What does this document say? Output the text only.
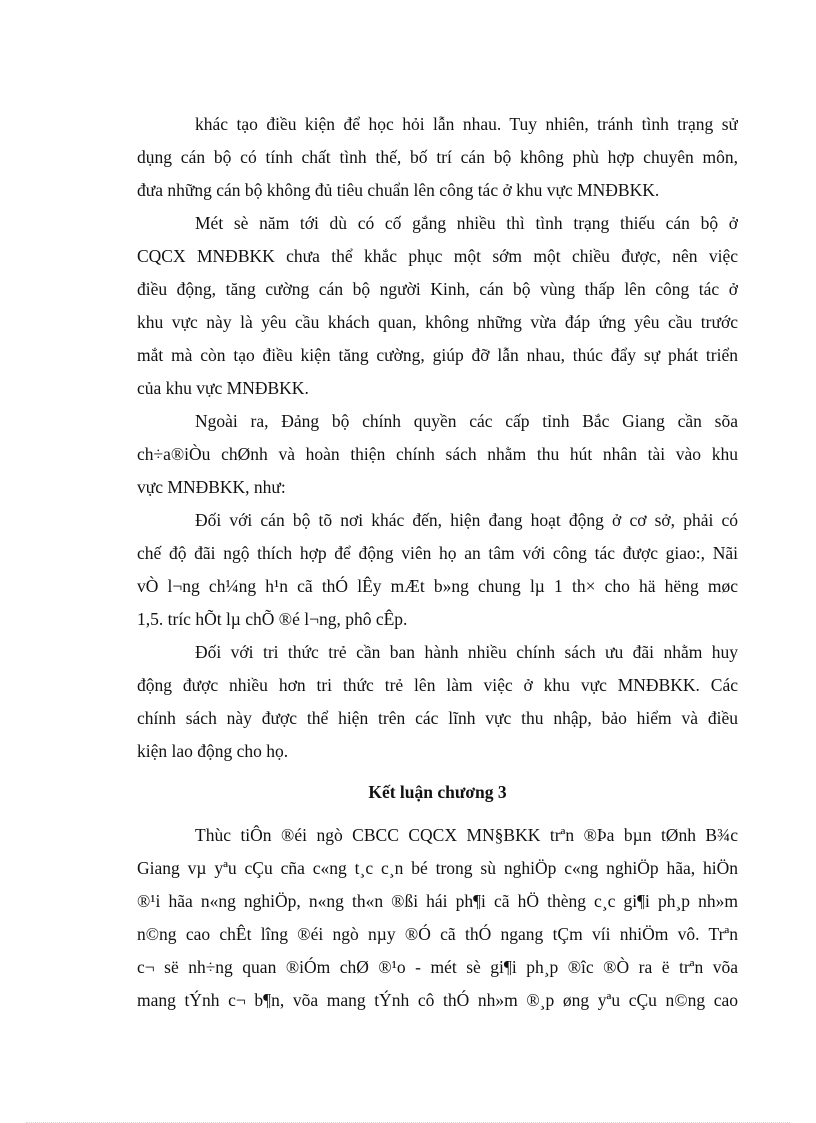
khác tạo điều kiện để học hỏi lẫn nhau. Tuy nhiên, tránh tình trạng sử
dụng cán bộ có tính chất tình thế, bố trí cán bộ không phù hợp chuyên môn,
đưa những cán bộ không đủ tiêu chuẩn lên công tác ở khu vực MNĐBKK.
Mét sè năm tới dù có cố gắng nhiều thì tình trạng thiếu cán bộ ở
CQCX MNĐBKK chưa thể khắc phục một sớm một chiều được, nên việc
điều động, tăng cường cán bộ người Kinh, cán bộ vùng thấp lên công tác ở
khu vực này là yêu cầu khách quan, không những vừa đáp ứng yêu cầu trước
mắt mà còn tạo điều kiện tăng cường, giúp đỡ lẫn nhau, thúc đẩy sự phát triển
của khu vực MNĐBKK.
Ngoài ra, Đảng bộ chính quyền các cấp tỉnh Bắc Giang cần sõa
ch÷a®iÒu chØnh và hoàn thiện chính sách nhằm thu hút nhân tài vào khu
vực MNĐBKK, như:
Đối với cán bộ tõ nơi khác đến, hiện đang hoạt động ở cơ sở, phải có
chế độ đãi ngộ thích hợp để động viên họ an tâm với công tác được giao:, Nãi
vÒ l¬ng ch¼ng h¹n cã thÓ lÊy mÆt b»ng chung lµ 1 th× cho hä hëng møc
1,5. tríc hÕt lµ chÕ ®é l¬ng, phô cÊp.
Đối với tri thức trẻ cần ban hành nhiều chính sách ưu đãi nhằm huy
động được nhiều hơn tri thức trẻ lên làm việc ở khu vực MNĐBKK. Các
chính sách này được thể hiện trên các lĩnh vực thu nhập, bảo hiểm và điều
kiện lao động cho họ.
Kết luận chương 3
Thùc tiÔn ®éi ngò CBCC CQCX MN§BKK trªn ®Þa bµn tØnh B¾c
Giang vµ yªu cÇu cña c«ng t¸c c¸n bé trong sù nghiÖp c«ng nghiÖp hãa, hiÖn
®¹i hãa n«ng nghiÖp, n«ng th«n ®ßi hái ph¶i cã hÖ thèng c¸c gi¶i ph¸p nh»m
n©ng cao chÊt lîng ®éi ngò nµy ®Ó cã thÓ ngang tÇm víi nhiÖm vô. Trªn
c¬ së nh÷ng quan ®iÓm chØ ®¹o - mét sè gi¶i ph¸p ®îc ®Ò ra ë trªn võa
mang tÝnh c¬ b¶n, võa mang tÝnh cô thÓ nh»m ®¸p øng yªu cÇu n©ng cao
